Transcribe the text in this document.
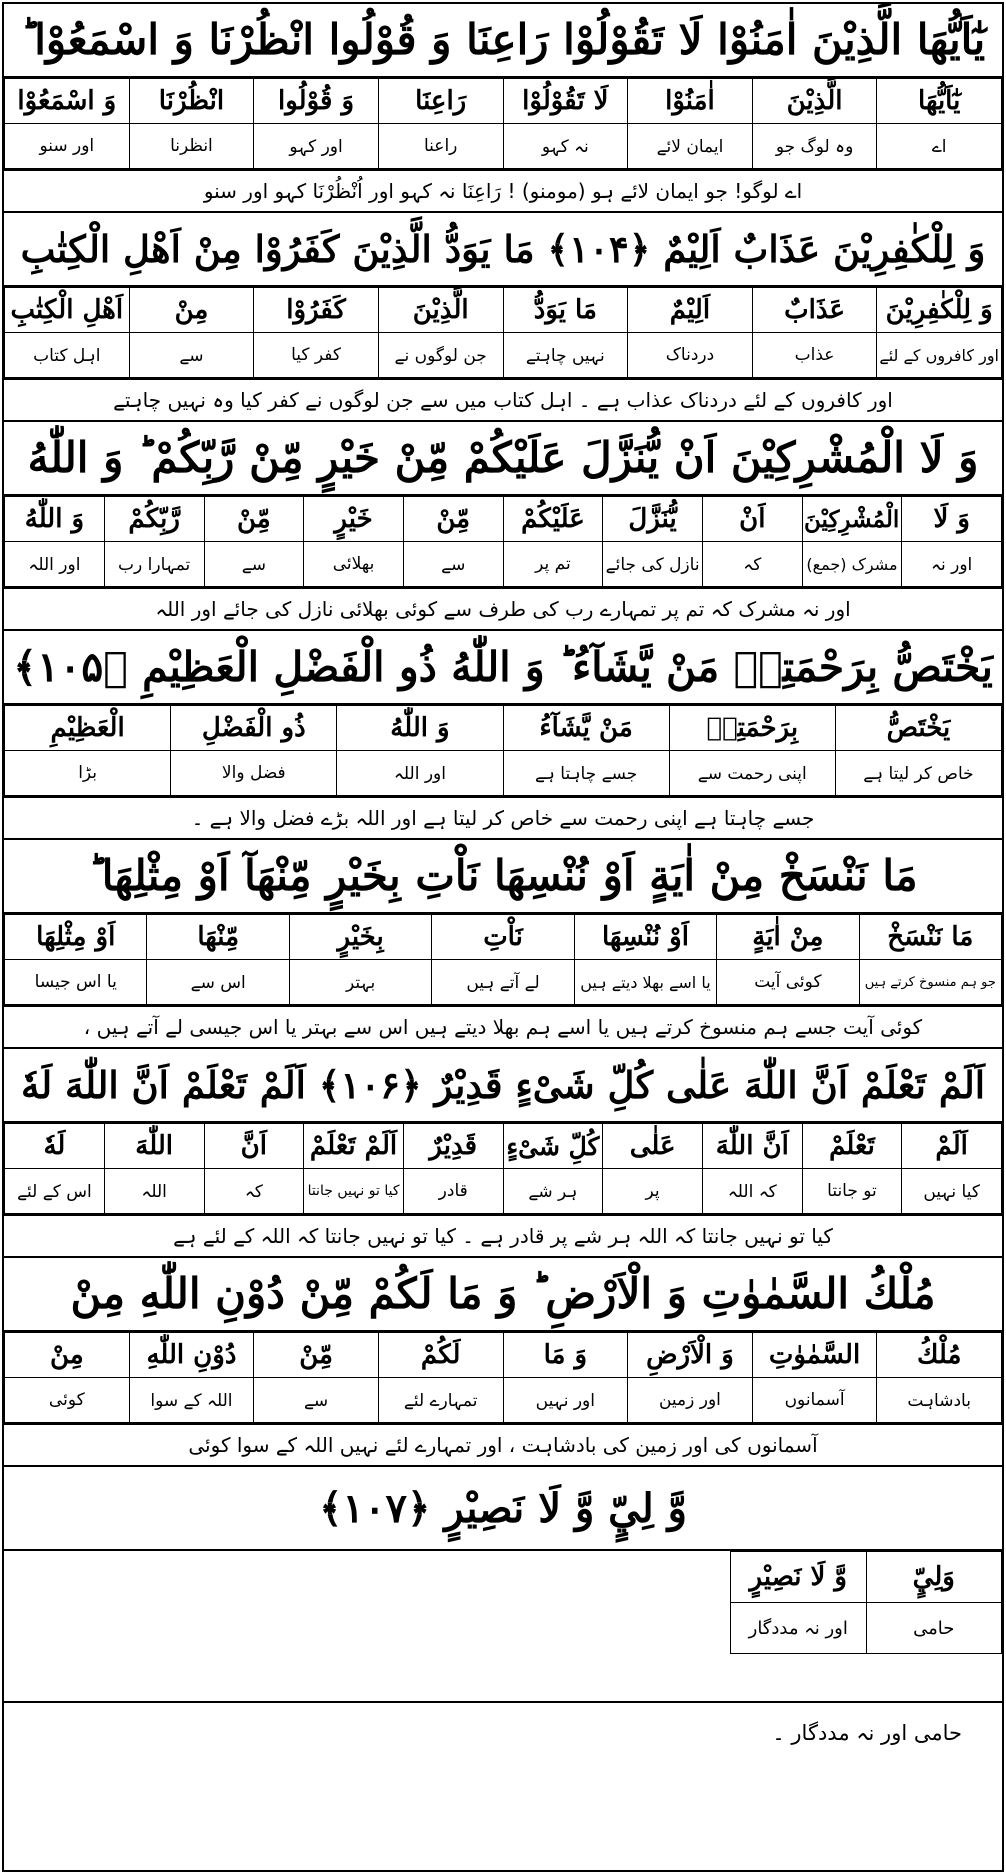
يٰٓاَيُّهَا الَّذِيْنَ اٰمَنُوْا لَا تَقُوْلُوْا رَاعِنَا وَ قُوْلُوا انْظُرْنَا وَ اسْمَعُوْا ؕ
يٰٓاَيُّهَا	الَّذِيْنَ	اٰمَنُوْا	لَا تَقُوْلُوْا	رَاعِنَا	وَ قُوْلُوا	انْظُرْنَا	وَ اسْمَعُوْا
اے	وہ لوگ جو	ایمان لائے	نہ کہو	راعنا	اور کہو	انظرنا	اور سنو
اے لوگو! جو ایمان لائے ہو (مومنو) ! رَاعِنَا نہ کہو اور اُنْظُرْنَا کہو اور سنو
وَ لِلْكٰفِرِيْنَ عَذَابٌ اَلِيْمٌ ﴿۱۰۴﴾ مَا يَوَدُّ الَّذِيْنَ كَفَرُوْا مِنْ اَهْلِ الْكِتٰبِ
وَ لِلْكٰفِرِيْنَ	عَذَابٌ	اَلِيْمٌ	مَا يَوَدُّ	الَّذِيْنَ	كَفَرُوْا	مِنْ	اَهْلِ الْكِتٰبِ
اور کافروں کے لئے	عذاب	دردناک	نہیں چاہتے	جن لوگوں نے	کفر کیا	سے	اہل کتاب
اور کافروں کے لئے دردناک عذاب ہے ۔ اہل کتاب میں سے جن لوگوں نے کفر کیا وہ نہیں چاہتے
وَ لَا الْمُشْرِكِيْنَ اَنْ يُّنَزَّلَ عَلَيْكُمْ مِّنْ خَيْرٍ مِّنْ رَّبِّكُمْ ؕ وَ اللّٰهُ
وَ لَا	الْمُشْرِكِيْنَ	اَنْ	يُّنَزَّلَ	عَلَيْكُمْ	مِّنْ	خَيْرٍ	مِّنْ	رَّبِّكُمْ	وَ اللّٰهُ
اور نہ	مشرک (جمع)	کہ	نازل کی جائے	تم پر	سے	بھلائی	سے	تمہارا رب	اور اللہ
اور نہ مشرک کہ تم پر تمہارے رب کی طرف سے کوئی بھلائی نازل کی جائے اور اللہ
يَخْتَصُّ بِرَحْمَتِهٖ مَنْ يَّشَآءُ ؕ وَ اللّٰهُ ذُو الْفَضْلِ الْعَظِيْمِ ﴿۱۰۵﴾
يَخْتَصُّ	بِرَحْمَتِهٖ	مَنْ يَّشَآءُ	وَ اللّٰهُ	ذُو الْفَضْلِ	الْعَظِيْمِ
خاص کر لیتا ہے	اپنی رحمت سے	جسے چاہتا ہے	اور اللہ	فضل والا	بڑا
جسے چاہتا ہے اپنی رحمت سے خاص کر لیتا ہے اور اللہ بڑے فضل والا ہے ۔
مَا نَنْسَخْ مِنْ اٰيَةٍ اَوْ نُنْسِهَا نَاْتِ بِخَيْرٍ مِّنْهَآ اَوْ مِثْلِهَا ؕ
مَا نَنْسَخْ	مِنْ اٰيَةٍ	اَوْ نُنْسِهَا	نَاْتِ	بِخَيْرٍ	مِّنْهَا	اَوْ مِثْلِهَا
جو ہم منسوخ کرتے ہیں	کوئی آیت	یا اسے بھلا دیتے ہیں	لے آتے ہیں	بہتر	اس سے	یا اس جیسا
کوئی آیت جسے ہم منسوخ کرتے ہیں یا اسے ہم بھلا دیتے ہیں اس سے بہتر یا اس جیسی لے آتے ہیں ،
اَلَمْ تَعْلَمْ اَنَّ اللّٰهَ عَلٰى كُلِّ شَىْءٍ قَدِيْرٌ ﴿۱۰۶﴾ اَلَمْ تَعْلَمْ اَنَّ اللّٰهَ لَهٗ
اَلَمْ	تَعْلَمْ	اَنَّ اللّٰهَ	عَلٰى	كُلِّ شَىْءٍ	قَدِيْرٌ	اَلَمْ تَعْلَمْ	اَنَّ	اللّٰهَ	لَهٗ
کیا نہیں	تو جانتا	کہ اللہ	پر	ہر شے	قادر	کیا تو نہیں جانتا	کہ	اللہ	اس کے لئے
کیا تو نہیں جانتا کہ اللہ ہر شے پر قادر ہے ۔ کیا تو نہیں جانتا کہ اللہ کے لئے ہے
مُلْكُ السَّمٰوٰتِ وَ الْاَرْضِ ؕ وَ مَا لَكُمْ مِّنْ دُوْنِ اللّٰهِ مِنْ
مُلْكُ	السَّمٰوٰتِ	وَ الْاَرْضِ	وَ مَا	لَكُمْ	مِّنْ	دُوْنِ اللّٰهِ	مِنْ
بادشاہت	آسمانوں	اور زمین	اور نہیں	تمہارے لئے	سے	اللہ کے سوا	کوئی
آسمانوں کی اور زمین کی بادشاہت ، اور تمہارے لئے نہیں اللہ کے سوا کوئی
وَّ لِيٍّ وَّ لَا نَصِيْرٍ ﴿۱۰۷﴾
وَلِيٍّ	وَّ لَا نَصِيْرٍ
حامی	اور نہ مددگار
حامی اور نہ مددگار ۔
